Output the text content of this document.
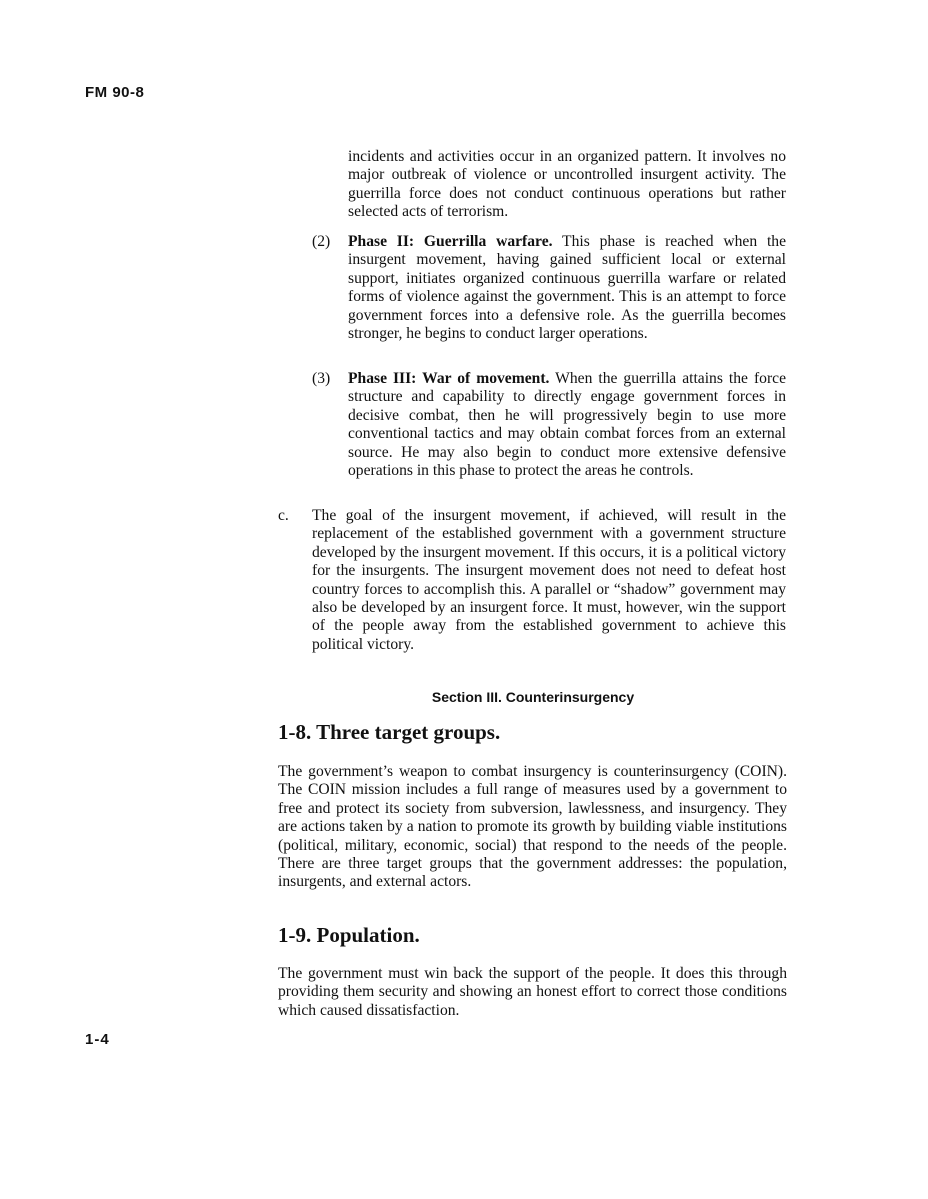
FM 90-8

incidents and activities occur in an organized pattern. It involves no major outbreak of violence or uncontrolled insurgent activity. The guerrilla force does not conduct continuous operations but rather selected acts of terrorism.

(2) Phase II: Guerrilla warfare. This phase is reached when the insurgent movement, having gained sufficient local or external support, initiates organized continuous guerrilla warfare or related forms of violence against the government. This is an attempt to force government forces into a defensive role. As the guerrilla becomes stronger, he begins to conduct larger operations.

(3) Phase III: War of movement. When the guerrilla attains the force structure and capability to directly engage government forces in decisive combat, then he will progressively begin to use more conventional tactics and may obtain combat forces from an external source. He may also begin to conduct more extensive defensive operations in this phase to protect the areas he controls.

c. The goal of the insurgent movement, if achieved, will result in the replacement of the established government with a government structure developed by the insurgent movement. If this occurs, it is a political victory for the insurgents. The insurgent movement does not need to defeat host country forces to accomplish this. A parallel or “shadow” government may also be developed by an insurgent force. It must, however, win the support of the people away from the established government to achieve this political victory.

Section III. Counterinsurgency
1-8. Three target groups.

The government’s weapon to combat insurgency is counterinsurgency (COIN). The COIN mission includes a full range of measures used by a government to free and protect its society from subversion, lawlessness, and insurgency. They are actions taken by a nation to promote its growth by building viable institutions (political, military, economic, social) that respond to the needs of the people. There are three target groups that the government addresses: the population, insurgents, and external actors.

1-9. Population.

The government must win back the support of the people. It does this through providing them security and showing an honest effort to correct those conditions which caused dissatisfaction.

1-4
